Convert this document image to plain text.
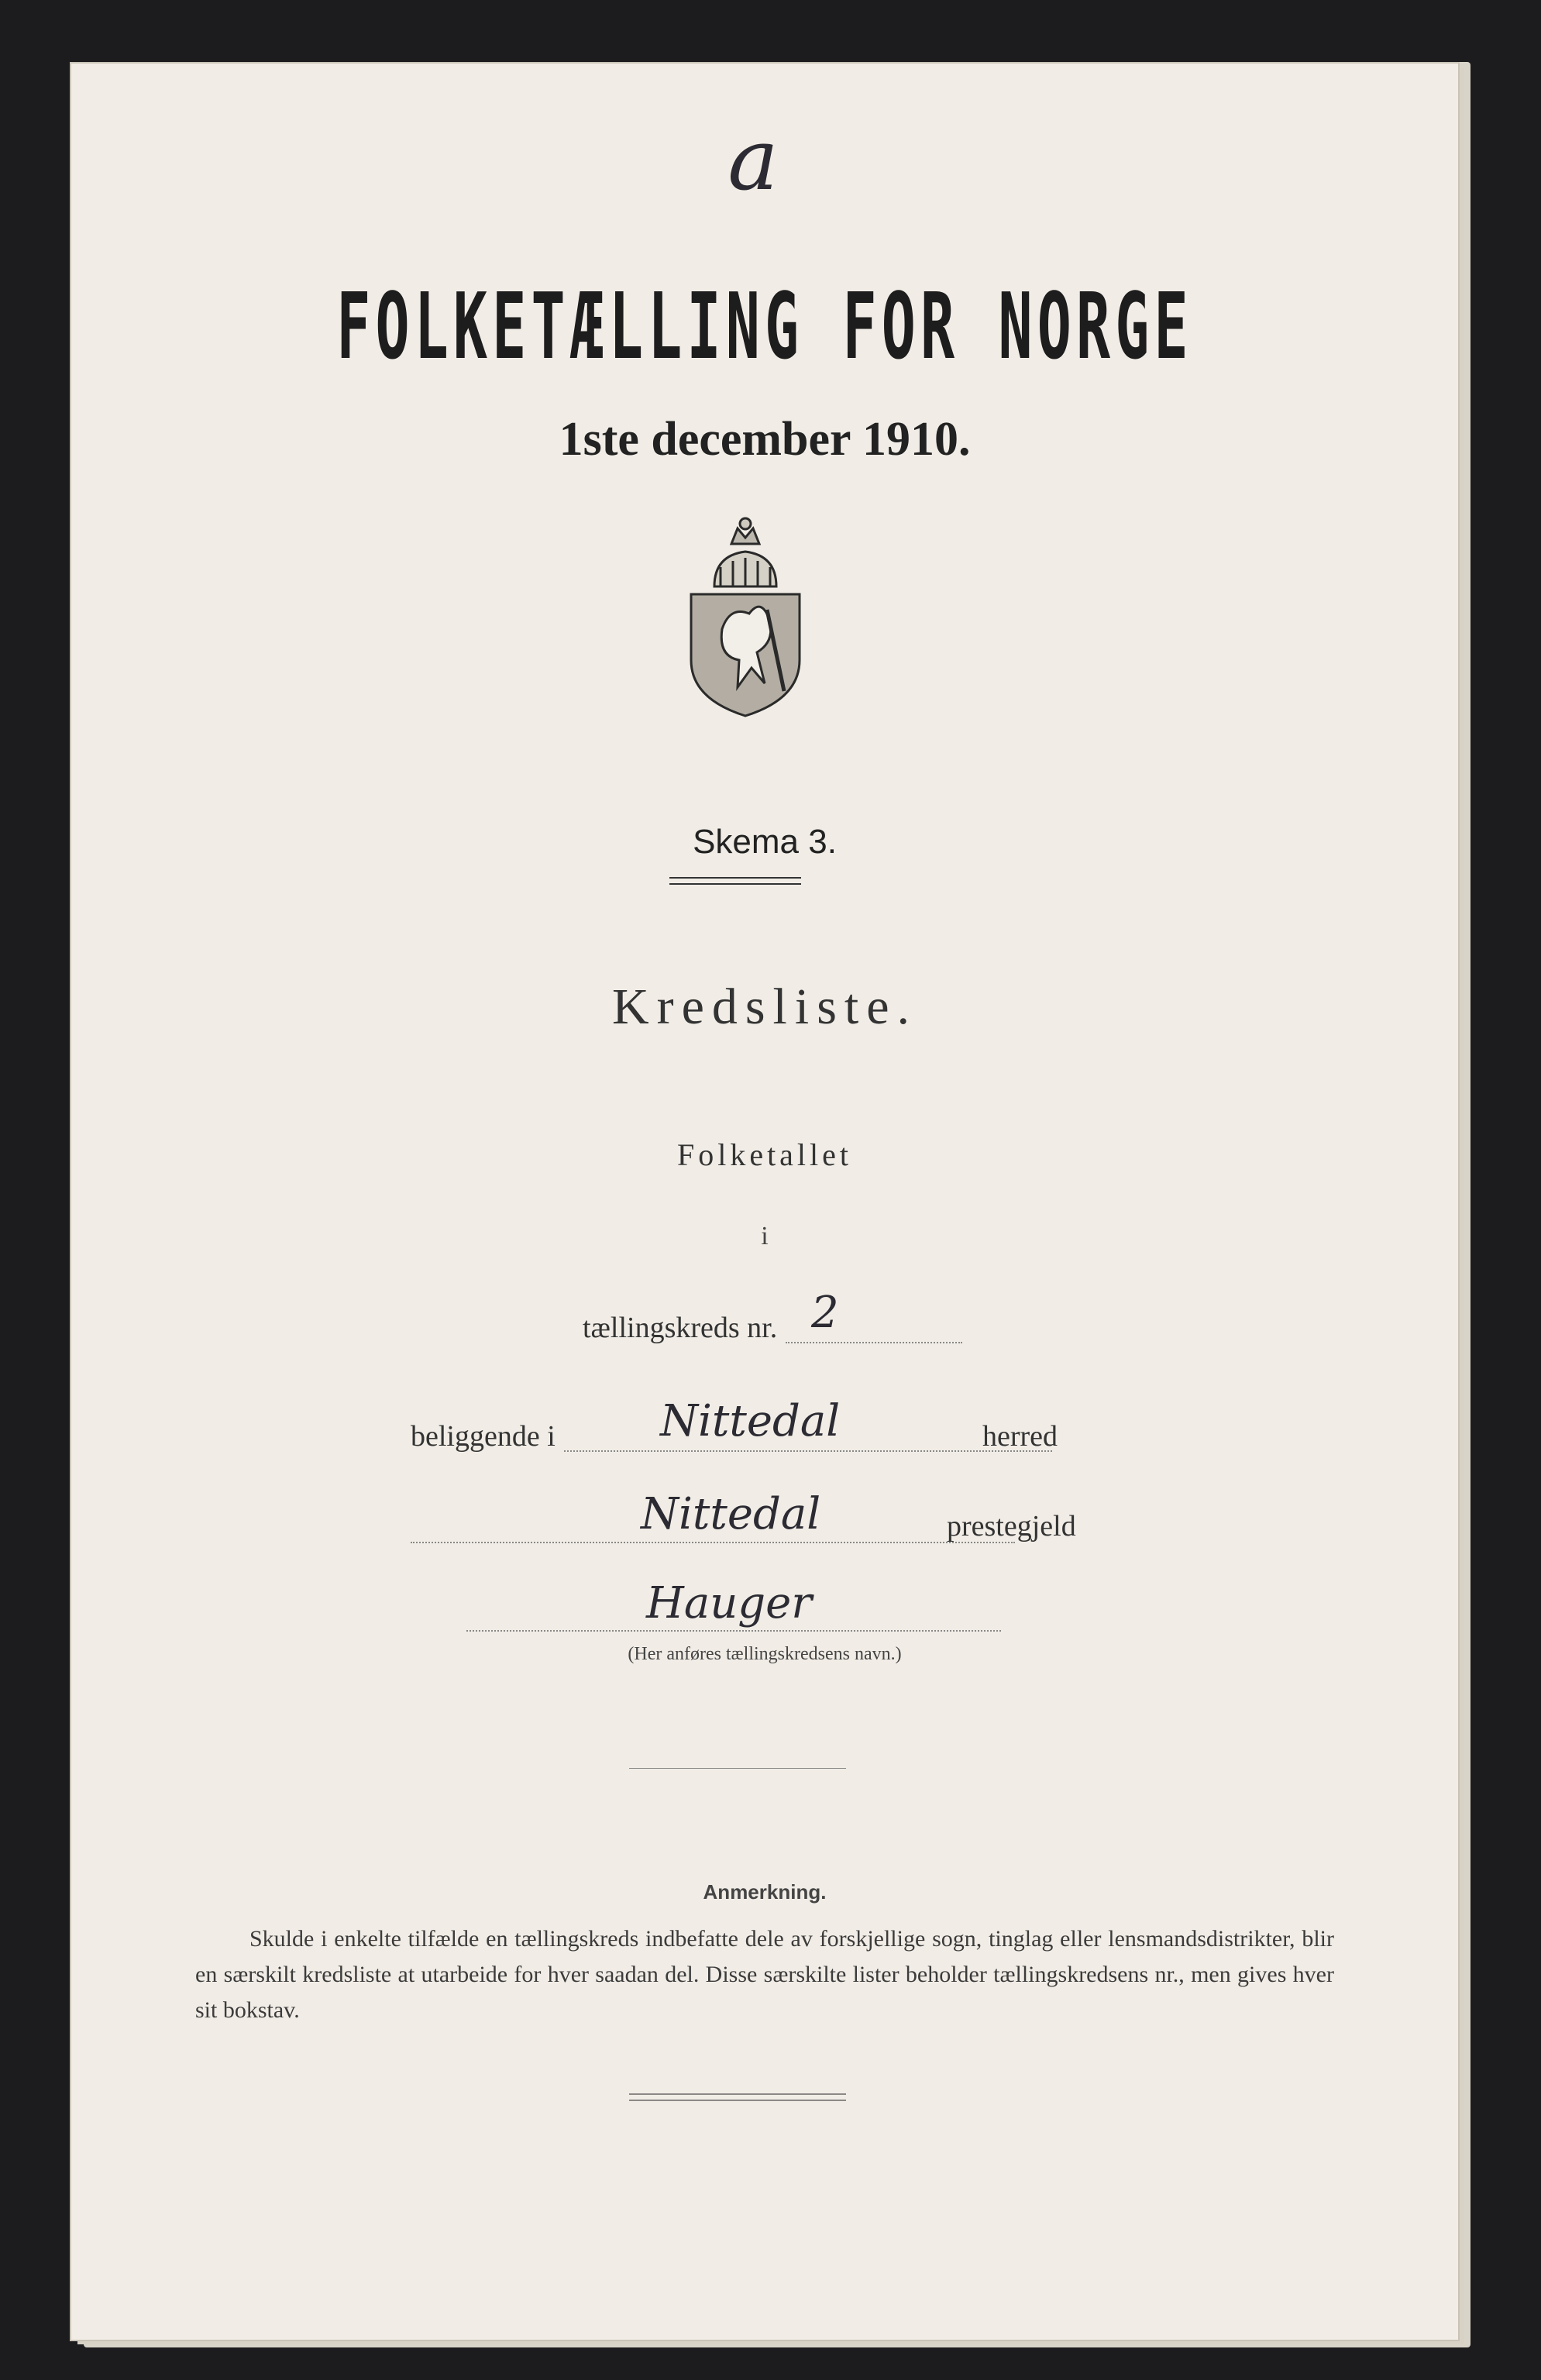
a
FOLKETÆLLING FOR NORGE
1ste december 1910.
Skema 3.
Kredsliste.
Folketallet
i
tællingskreds nr. 2
beliggende i Nittedal	herred
Nittedal	prestegjeld
Hauger
(Her anføres tællingskredsens navn.)
Anmerkning.
Skulde i enkelte tilfælde en tællingskreds indbefatte dele av forskjellige sogn, tinglag eller lensmandsdistrikter, blir en særskilt kredsliste at utarbeide for hver saadan del. Disse særskilte lister beholder tællingskredsens nr., men gives hver sit bokstav.
